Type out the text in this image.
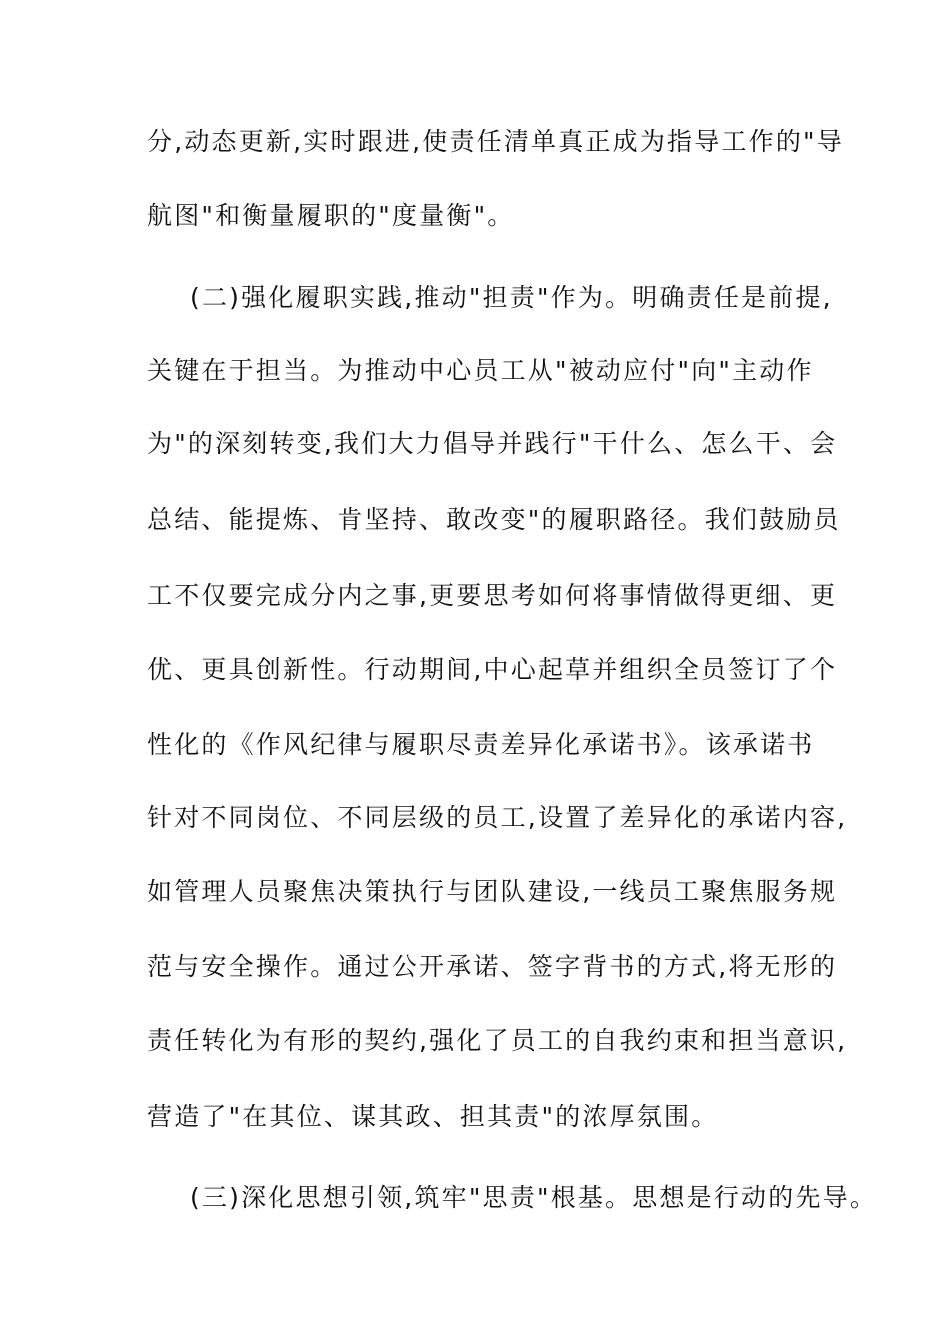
分,动态更新,实时跟进,使责任清单真正成为指导工作的"导
航图"和衡量履职的"度量衡"。
(二)强化履职实践,推动"担责"作为。明确责任是前提,
关键在于担当。为推动中心员工从"被动应付"向"主动作
为"的深刻转变,我们大力倡导并践行"干什么、怎么干、会
总结、能提炼、肯坚持、敢改变"的履职路径。我们鼓励员
工不仅要完成分内之事,更要思考如何将事情做得更细、更
优、更具创新性。行动期间,中心起草并组织全员签订了个
性化的《作风纪律与履职尽责差异化承诺书》。该承诺书
针对不同岗位、不同层级的员工,设置了差异化的承诺内容,
如管理人员聚焦决策执行与团队建设,一线员工聚焦服务规
范与安全操作。通过公开承诺、签字背书的方式,将无形的
责任转化为有形的契约,强化了员工的自我约束和担当意识,
营造了"在其位、谋其政、担其责"的浓厚氛围。
(三)深化思想引领,筑牢"思责"根基。思想是行动的先导。
